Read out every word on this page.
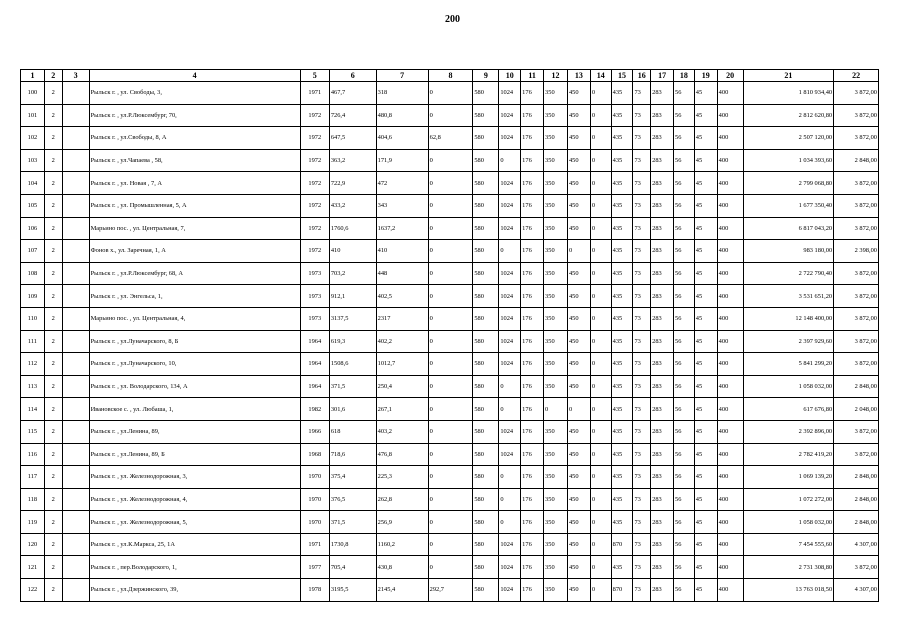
200
1	2	3	4	5	6	7	8	9	10	11	12	13	14	15	16	17	18	19	20	21	22
100	2		Рыльск г. , ул. Свободы, 3,	1971	467,7	318	0	580	1024	176	350	450	0	435	73	283	56	45	400	1 810 934,40	3 872,00
101	2		Рыльск г. , ул.Р.Люксембург, 70,	1972	726,4	480,8	0	580	1024	176	350	450	0	435	73	283	56	45	400	2 812 620,80	3 872,00
102	2		Рыльск г. , ул.Свободы, 8, А	1972	647,5	404,6	62,8	580	1024	176	350	450	0	435	73	283	56	45	400	2 507 120,00	3 872,00
103	2		Рыльск г. , ул.Чапаева , 58,	1972	363,2	171,9	0	580	0	176	350	450	0	435	73	283	56	45	400	1 034 393,60	2 848,00
104	2		Рыльск г. , ул. Новая , 7, А	1972	722,9	472	0	580	1024	176	350	450	0	435	73	283	56	45	400	2 799 068,80	3 872,00
105	2		Рыльск г. , ул. Промышленная, 5, А	1972	433,2	343	0	580	1024	176	350	450	0	435	73	283	56	45	400	1 677 350,40	3 872,00
106	2		Марьино пос. , ул. Центральная, 7,	1972	1760,6	1637,2	0	580	1024	176	350	450	0	435	73	283	56	45	400	6 817 043,20	3 872,00
107	2		Фонов х., ул. Заречная, 1, А	1972	410	410	0	580	0	176	350	0	0	435	73	283	56	45	400	983 180,00	2 398,00
108	2		Рыльск г. , ул.Р.Люксембург, 68, А	1973	703,2	448	0	580	1024	176	350	450	0	435	73	283	56	45	400	2 722 790,40	3 872,00
109	2		Рыльск г. , ул. Энгельса, 1,	1973	912,1	402,5	0	580	1024	176	350	450	0	435	73	283	56	45	400	3 531 651,20	3 872,00
110	2		Марьино пос. , ул. Центральная, 4,	1973	3137,5	2317	0	580	1024	176	350	450	0	435	73	283	56	45	400	12 148 400,00	3 872,00
111	2		Рыльск г. , ул.Луначарского, 8, Б	1964	619,3	402,2	0	580	1024	176	350	450	0	435	73	283	56	45	400	2 397 929,60	3 872,00
112	2		Рыльск г. , ул.Луначарского, 10,	1964	1508,6	1012,7	0	580	1024	176	350	450	0	435	73	283	56	45	400	5 841 299,20	3 872,00
113	2		Рыльск г. , ул. Володарского, 134, А	1964	371,5	250,4	0	580	0	176	350	450	0	435	73	283	56	45	400	1 058 032,00	2 848,00
114	2		Ивановское с. , ул. Любаша, 1,	1982	301,6	267,1	0	580	0	176	0	0	0	435	73	283	56	45	400	617 676,80	2 048,00
115	2		Рыльск г. , ул.Ленина, 89,	1966	618	403,2	0	580	1024	176	350	450	0	435	73	283	56	45	400	2 392 896,00	3 872,00
116	2		Рыльск г. , ул.Ленина, 89, Б	1968	718,6	476,8	0	580	1024	176	350	450	0	435	73	283	56	45	400	2 782 419,20	3 872,00
117	2		Рыльск г. , ул. Железнодорожная, 3,	1970	375,4	225,3	0	580	0	176	350	450	0	435	73	283	56	45	400	1 069 139,20	2 848,00
118	2		Рыльск г. , ул. Железнодорожная, 4,	1970	376,5	262,8	0	580	0	176	350	450	0	435	73	283	56	45	400	1 072 272,00	2 848,00
119	2		Рыльск г. , ул. Железнодорожная, 5,	1970	371,5	256,9	0	580	0	176	350	450	0	435	73	283	56	45	400	1 058 032,00	2 848,00
120	2		Рыльск г. , ул.К.Маркса, 25, 1А	1971	1730,8	1160,2	0	580	1024	176	350	450	0	870	73	283	56	45	400	7 454 555,60	4 307,00
121	2		Рыльск г. , пер.Володарского, 1,	1977	705,4	430,8	0	580	1024	176	350	450	0	435	73	283	56	45	400	2 731 308,80	3 872,00
122	2		Рыльск г. , ул.Дзержинского, 39,	1978	3195,5	2145,4	292,7	580	1024	176	350	450	0	870	73	283	56	45	400	13 763 018,50	4 307,00
